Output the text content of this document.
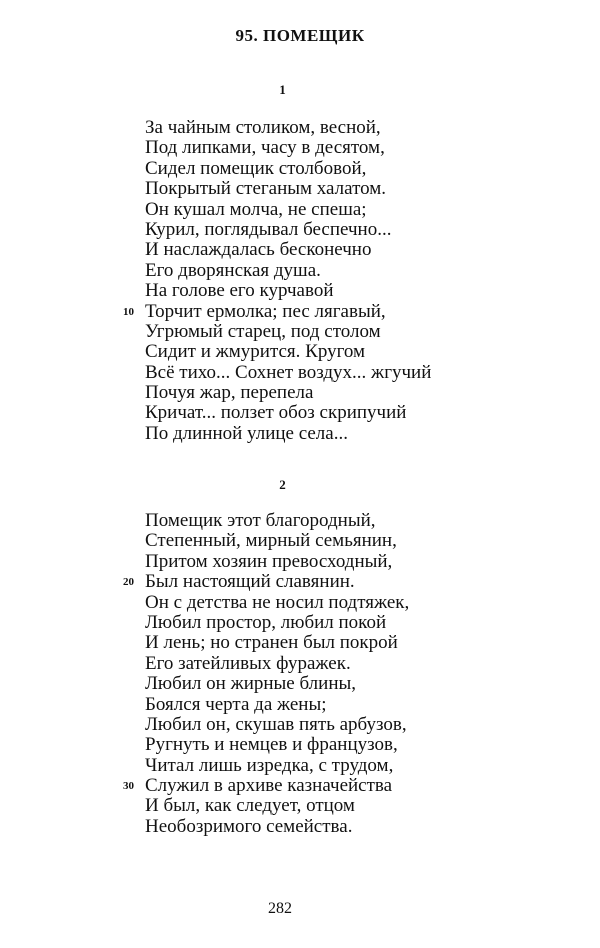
95. ПОМЕЩИК
1
За чайным столиком, весной,
Под липками, часу в десятом,
Сидел помещик столбовой,
Покрытый стеганым халатом.
Он кушал молча, не спеша;
Курил, поглядывал беспечно...
И наслаждалась бесконечно
Его дворянская душа.
На голове его курчавой
Торчит ермолка; пес лягавый,
10
Угрюмый старец, под столом
Сидит и жмурится. Кругом
Всё тихо... Сохнет воздух... жгучий
Почуя жар, перепела
Кричат... ползет обоз скрипучий
По длинной улице села...
2
Помещик этот благородный,
Степенный, мирный семьянин,
Притом хозяин превосходный,
Был настоящий славянин.
20
Он с детства не носил подтяжек,
Любил простор, любил покой
И лень; но странен был покрой
Его затейливых фуражек.
Любил он жирные блины,
Боялся черта да жены;
Любил он, скушав пять арбузов,
Ругнуть и немцев и французов,
Читал лишь изредка, с трудом,
Служил в архиве казначейства
30
И был, как следует, отцом
Необозримого семейства.
282
